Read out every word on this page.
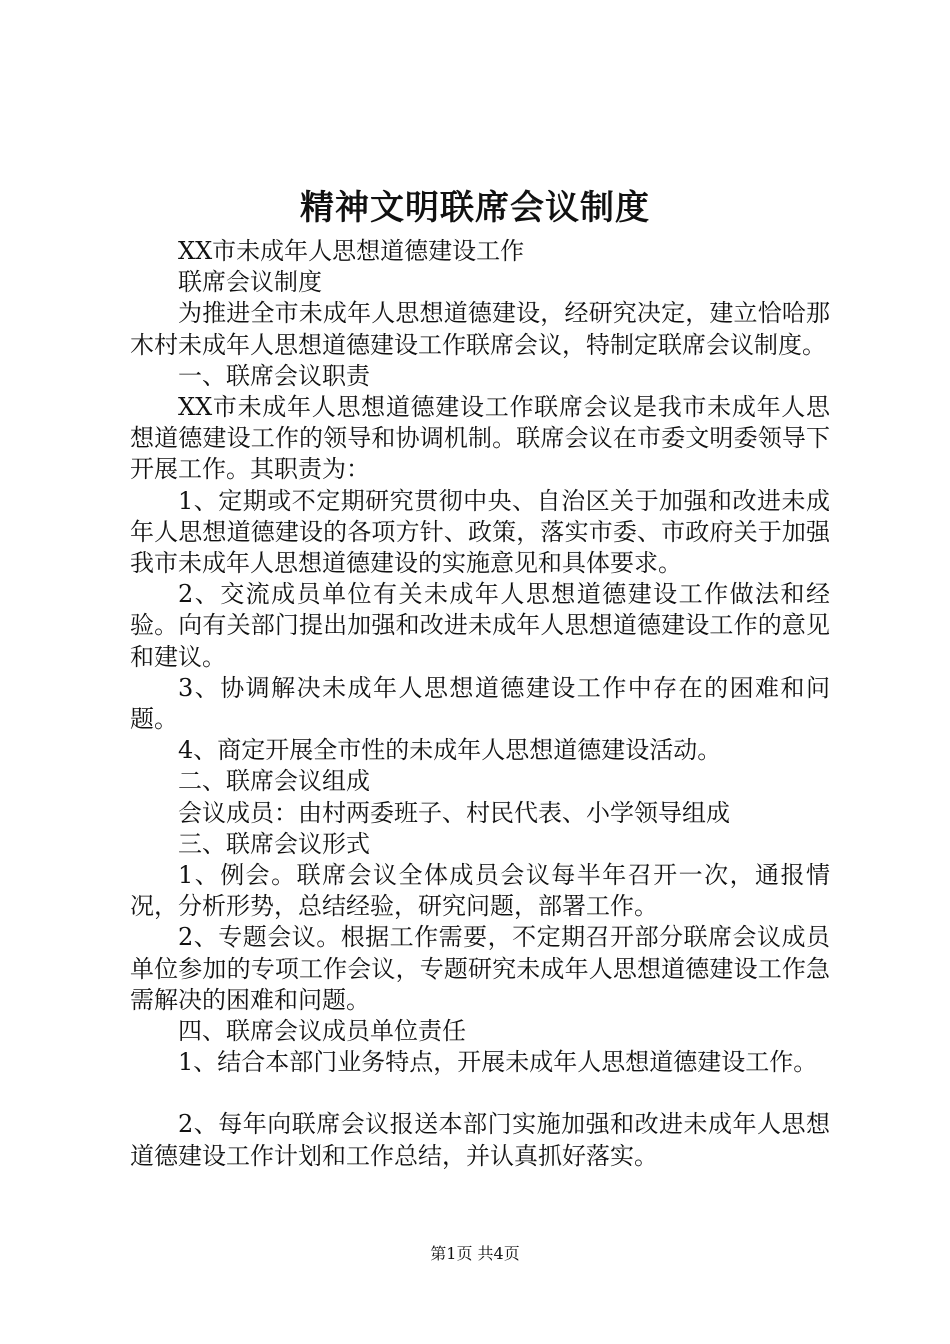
精神文明联席会议制度

XX市未成年人思想道德建设工作

联席会议制度

为推进全市未成年人思想道德建设，经研究决定，建立恰哈那木村未成年人思想道德建设工作联席会议，特制定联席会议制度。

一、联席会议职责

XX市未成年人思想道德建设工作联席会议是我市未成年人思想道德建设工作的领导和协调机制。联席会议在市委文明委领导下开展工作。其职责为：

1、定期或不定期研究贯彻中央、自治区关于加强和改进未成年人思想道德建设的各项方针、政策，落实市委、市政府关于加强我市未成年人思想道德建设的实施意见和具体要求。

2、交流成员单位有关未成年人思想道德建设工作做法和经验。向有关部门提出加强和改进未成年人思想道德建设工作的意见和建议。

3、协调解决未成年人思想道德建设工作中存在的困难和问题。

4、商定开展全市性的未成年人思想道德建设活动。

二、联席会议组成

会议成员：由村两委班子、村民代表、小学领导组成

三、联席会议形式

1、例会。联席会议全体成员会议每半年召开一次，通报情况，分析形势，总结经验，研究问题，部署工作。

2、专题会议。根据工作需要，不定期召开部分联席会议成员单位参加的专项工作会议，专题研究未成年人思想道德建设工作急需解决的困难和问题。

四、联席会议成员单位责任

1、结合本部门业务特点，开展未成年人思想道德建设工作。

2、每年向联席会议报送本部门实施加强和改进未成年人思想道德建设工作计划和工作总结，并认真抓好落实。

第1页 共4页
